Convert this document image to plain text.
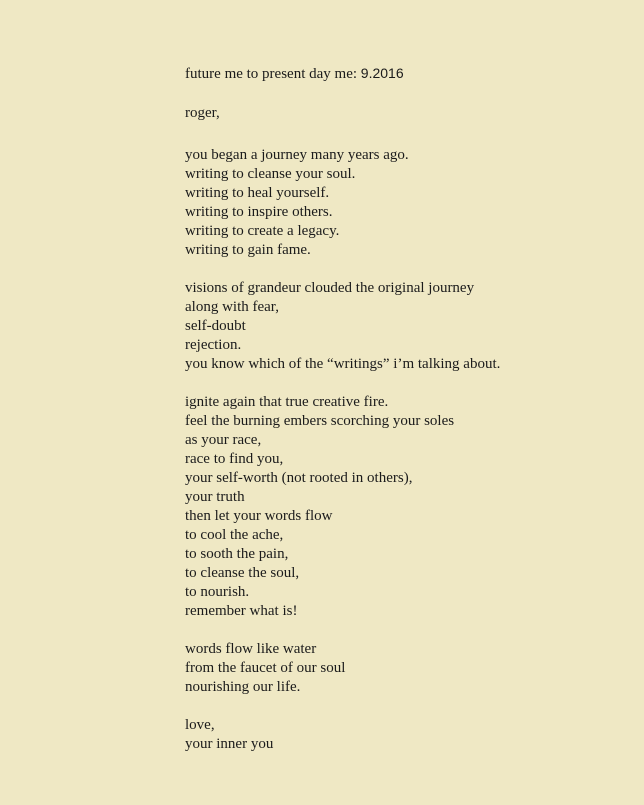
future me to present day me: 9.2016
roger,
you began a journey many years ago.
writing to cleanse your soul.
writing to heal yourself.
writing to inspire others.
writing to create a legacy.
writing to gain fame.
visions of grandeur clouded the original journey
along with fear,
self-doubt
rejection.
you know which of the “writings” i’m talking about.
ignite again that true creative fire.
feel the burning embers scorching your soles
as your race,
race to find you,
your self-worth (not rooted in others),
your truth
then let your words flow
to cool the ache,
to sooth the pain,
to cleanse the soul,
to nourish.
remember what is!
words flow like water
from the faucet of our soul
nourishing our life.
love,
your inner you
